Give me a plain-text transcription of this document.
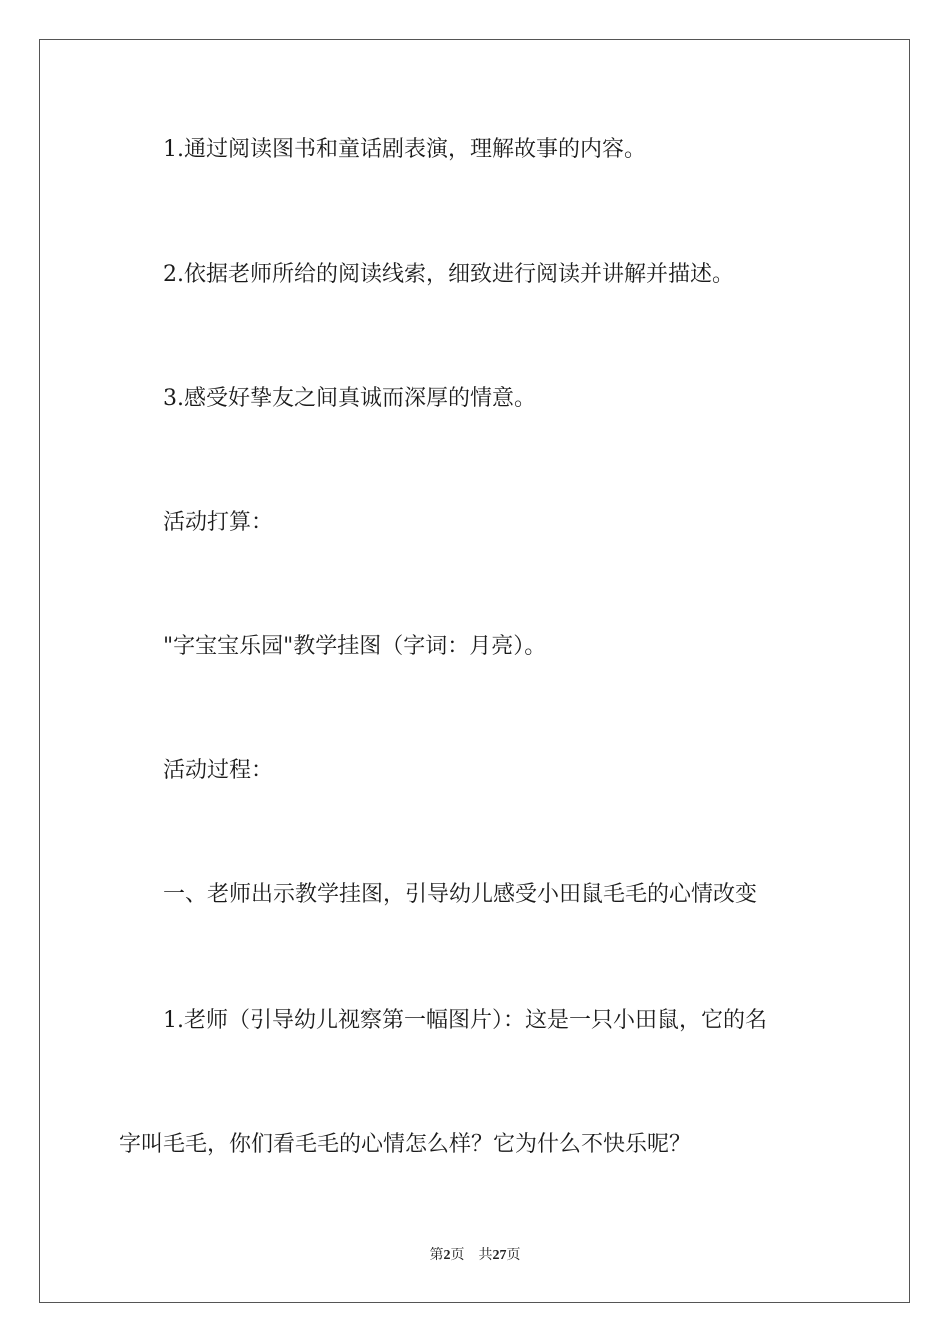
1.通过阅读图书和童话剧表演，理解故事的内容。

2.依据老师所给的阅读线索，细致进行阅读并讲解并描述。

3.感受好挚友之间真诚而深厚的情意。

活动打算：

"字宝宝乐园"教学挂图（字词：月亮）。

活动过程：

一、老师出示教学挂图，引导幼儿感受小田鼠毛毛的心情改变

1.老师（引导幼儿视察第一幅图片）：这是一只小田鼠，它的名

字叫毛毛，你们看毛毛的心情怎么样？它为什么不快乐呢？

第2页 共27页
